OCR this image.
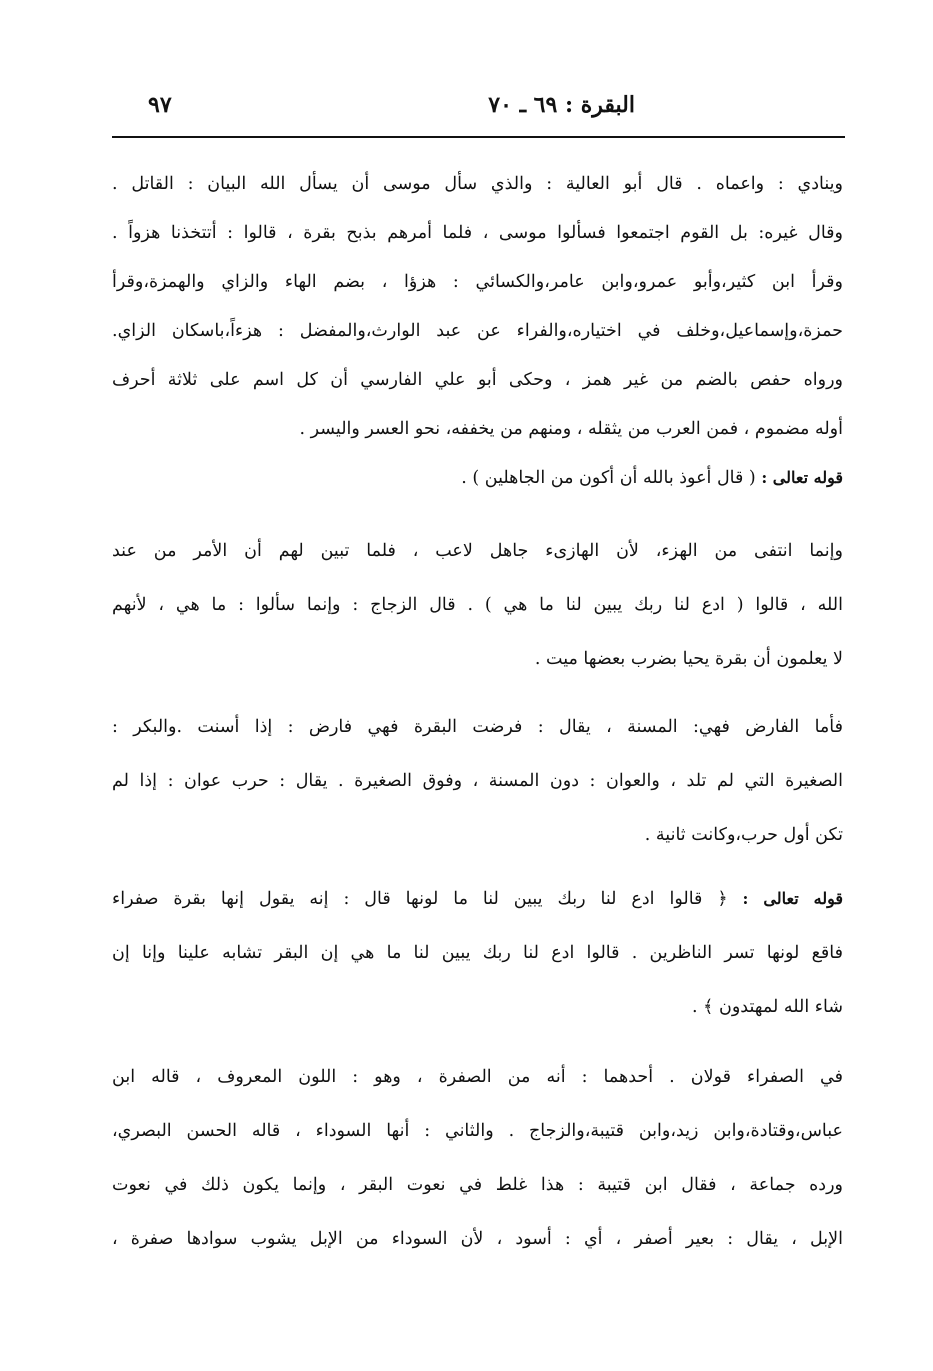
البقرة : ٦٩ ـ ٧٠
٩٧
وينادي : واعماه . قال أبو العالية : والذي سأل موسى أن يسأل الله البيان : القاتل .
وقال غيره: بل القوم اجتمعوا فسألوا موسى ، فلما أمرهم بذبح بقرة ، قالوا : أتتخذنا هزواً .
وقرأ ابن كثير،وأبو عمرو،وابن عامر،والكسائي : هزؤا ، بضم الهاء والزاي والهمزة،وقرأ
حمزة،وإسماعيل،وخلف في اختياره،والفراء عن عبد الوارث،والمفضل : هزءاً،باسكان الزاي.
ورواه حفص بالضم من غير همز ، وحكى أبو علي الفارسي أن كل اسم على ثلاثة أحرف
أوله مضموم ، فمن العرب من يثقله ، ومنهم من يخففه، نحو العسر واليسر .
قوله تعالى : ( قال أعوذ بالله أن أكون من الجاهلين ) .
وإنما انتفى من الهزء، لأن الهازىء جاهل لاعب ، فلما تبين لهم أن الأمر من عند
الله ، قالوا ( ادع لنا ربك يبين لنا ما هي ) . قال الزجاج : وإنما سألوا : ما هي ، لأنهم
لا يعلمون أن بقرة يحيا بضرب بعضها ميت .
فأما الفارض فهي: المسنة ، يقال : فرضت البقرة فهي فارض : إذا أسنت .والبكر :
الصغيرة التي لم تلد ، والعوان : دون المسنة ، وفوق الصغيرة . يقال : حرب عوان : إذا لم
تكن أول حرب،وكانت ثانية .
قوله تعالى : ﴿ قالوا ادع لنا ربك يبين لنا ما لونها قال : إنه يقول إنها بقرة صفراء
فاقع لونها تسر الناظرين . قالوا ادع لنا ربك يبين لنا ما هي إن البقر تشابه علينا وإنا إن
شاء الله لمهتدون ﴾ .
في الصفراء قولان . أحدهما : أنه من الصفرة ، وهو : اللون المعروف ، قاله ابن
عباس،وقتادة،وابن زيد،وابن قتيبة،والزجاج . والثاني : أنها السوداء ، قاله الحسن البصري،
ورده جماعة ، فقال ابن قتيبة : هذا غلط في نعوت البقر ، وإنما يكون ذلك في نعوت
الإبل ، يقال : بعير أصفر ، أي : أسود ، لأن السوداء من الإبل يشوب سوادها صفرة ،
